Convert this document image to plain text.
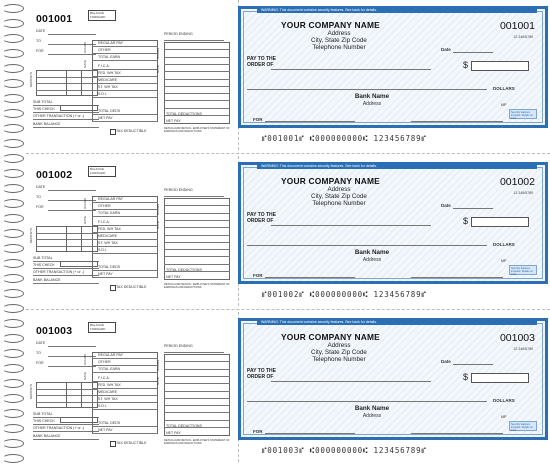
001001	BALANCE FORWARD
DATE
TO
FOR
DEPOSITS
SUB TOTAL
THIS CHECK
OTHER TRANSACTION (+ or -)
BANK BALANCE
HOURS
RATE
REGULAR PAY
OTHER
TOTAL EARN
F.I.C.A.
FED. WH TAX
MEDICARE
ST. WH TAX
S.D.I.
TOTAL DEDS
NET PAY
TAX DEDUCTIBLE
PERIOD ENDING
HOURS
RATE
TOTAL DEDUCTIONS
NET PAY
DETACH AND RETAIN - EMPLOYEE'S STATEMENT OF EARNINGS AND DEDUCTIONS
WARNING: This document contains security features. See back for details.
YOUR COMPANY NAME
Address
City, State Zip Code
Telephone Number
001001
12-345/6789
Date
PAY TO THE ORDER OF	$
DOLLARS
Bank Name
Address
FOR
MP
Security features included. Details on back.
⑈001001⑈ ⑆000000000⑆ 123456789⑈
001002	BALANCE FORWARD
DATE
TO
FOR
DEPOSITS
SUB TOTAL
THIS CHECK
OTHER TRANSACTION (+ or -)
BANK BALANCE
HOURS
RATE
REGULAR PAY
OTHER
TOTAL EARN
F.I.C.A.
FED. WH TAX
MEDICARE
ST. WH TAX
S.D.I.
TOTAL DEDS
NET PAY
TAX DEDUCTIBLE
PERIOD ENDING
HOURS
RATE
TOTAL DEDUCTIONS
NET PAY
DETACH AND RETAIN - EMPLOYEE'S STATEMENT OF EARNINGS AND DEDUCTIONS
WARNING: This document contains security features. See back for details.
YOUR COMPANY NAME
Address
City, State Zip Code
Telephone Number
001002
12-345/6789
Date
PAY TO THE ORDER OF	$
DOLLARS
Bank Name
Address
FOR
MP
Security features included. Details on back.
⑈001002⑈ ⑆000000000⑆ 123456789⑈
001003	BALANCE FORWARD
DATE
TO
FOR
DEPOSITS
SUB TOTAL
THIS CHECK
OTHER TRANSACTION (+ or -)
BANK BALANCE
HOURS
RATE
REGULAR PAY
OTHER
TOTAL EARN
F.I.C.A.
FED. WH TAX
MEDICARE
ST. WH TAX
S.D.I.
TOTAL DEDS
NET PAY
TAX DEDUCTIBLE
PERIOD ENDING
HOURS
RATE
TOTAL DEDUCTIONS
NET PAY
DETACH AND RETAIN - EMPLOYEE'S STATEMENT OF EARNINGS AND DEDUCTIONS
WARNING: This document contains security features. See back for details.
YOUR COMPANY NAME
Address
City, State Zip Code
Telephone Number
001003
12-345/6789
Date
PAY TO THE ORDER OF	$
DOLLARS
Bank Name
Address
FOR
MP
Security features included. Details on back.
⑈001003⑈ ⑆000000000⑆ 123456789⑈
